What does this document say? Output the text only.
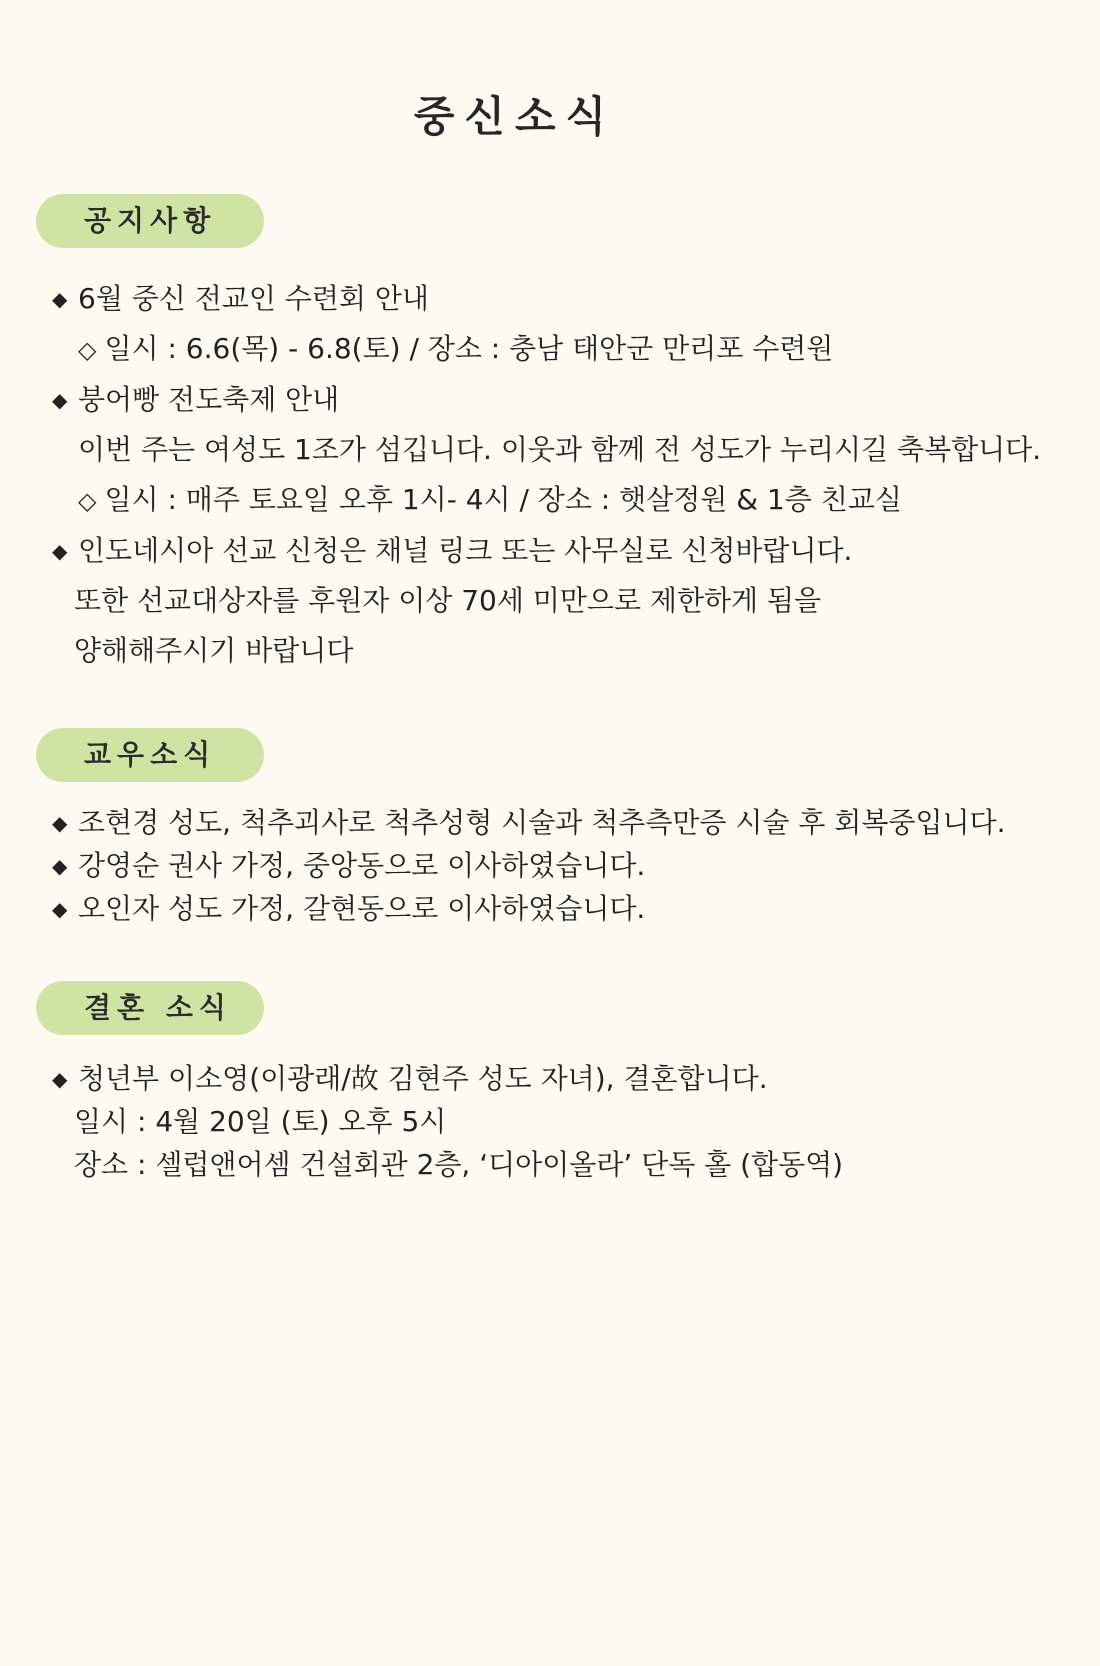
중신소식
공지사항
◆ 6월 중신 전교인 수련회 안내
◇ 일시 : 6.6(목) - 6.8(토) / 장소 : 충남 태안군 만리포 수련원
◆ 붕어빵 전도축제 안내
이번 주는 여성도 1조가 섬깁니다. 이웃과 함께 전 성도가 누리시길 축복합니다.
◇ 일시 : 매주 토요일 오후 1시- 4시 / 장소 : 햇살정원 & 1층 친교실
◆ 인도네시아 선교 신청은 채널 링크 또는 사무실로 신청바랍니다.
또한 선교대상자를 후원자 이상 70세 미만으로 제한하게 됨을
양해해주시기 바랍니다
교우소식
◆ 조현경 성도, 척추괴사로 척추성형 시술과 척추측만증 시술 후 회복중입니다.
◆ 강영순 권사 가정, 중앙동으로 이사하였습니다.
◆ 오인자 성도 가정, 갈현동으로 이사하였습니다.
결혼 소식
◆ 청년부 이소영(이광래/故 김현주 성도 자녀), 결혼합니다.
일시 : 4월 20일 (토) 오후 5시
장소 : 셀럽앤어셈 건설회관 2층, ‘디아이올라’ 단독 홀 (합동역)
